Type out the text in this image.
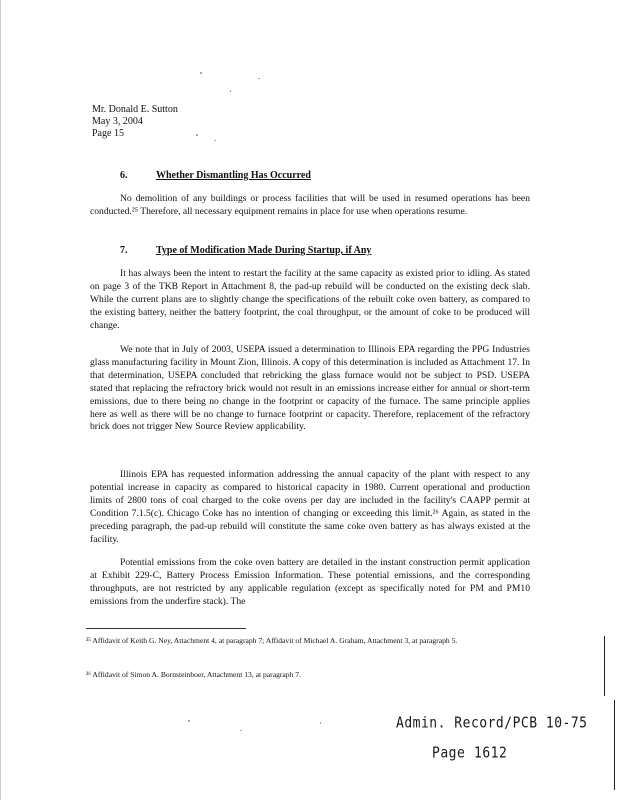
Mr. Donald E. Sutton
May 3, 2004
Page 15
6.	Whether Dismantling Has Occurred
No demolition of any buildings or process facilities that will be used in resumed operations has been conducted.²⁵ Therefore, all necessary equipment remains in place for use when operations resume.
7.	Type of Modification Made During Startup, if Any
It has always been the intent to restart the facility at the same capacity as existed prior to idling. As stated on page 3 of the TKB Report in Attachment 8, the pad-up rebuild will be conducted on the existing deck slab. While the current plans are to slightly change the specifications of the rebuilt coke oven battery, as compared to the existing battery, neither the battery footprint, the coal throughput, or the amount of coke to be produced will change.
We note that in July of 2003, USEPA issued a determination to Illinois EPA regarding the PPG Industries glass manufacturing facility in Mount Zion, Illinois. A copy of this determination is included as Attachment 17. In that determination, USEPA concluded that rebricking the glass furnace would not be subject to PSD. USEPA stated that replacing the refractory brick would not result in an emissions increase either for annual or short-term emissions, due to there being no change in the footprint or capacity of the furnace. The same principle applies here as well as there will be no change to furnace footprint or capacity. Therefore, replacement of the refractory brick does not trigger New Source Review applicability.
Illinois EPA has requested information addressing the annual capacity of the plant with respect to any potential increase in capacity as compared to historical capacity in 1980. Current operational and production limits of 2800 tons of coal charged to the coke ovens per day are included in the facility's CAAPP permit at Condition 7.1.5(c). Chicago Coke has no intention of changing or exceeding this limit.²⁶ Again, as stated in the preceding paragraph, the pad-up rebuild will constitute the same coke oven battery as has always existed at the facility.
Potential emissions from the coke oven battery are detailed in the instant construction permit application at Exhibit 229-C, Battery Process Emission Information. These potential emissions, and the corresponding throughputs, are not restricted by any applicable regulation (except as specifically noted for PM and PM10 emissions from the underfire stack). The
²⁵ Affidavit of Keith G. Ney, Attachment 4, at paragraph 7; Affidavit of Michael A. Graham, Attachment 3, at paragraph 5.
²⁶ Affidavit of Simon A. Bornsteinboer, Attachment 13, at paragraph 7.
Admin. Record/PCB 10-75
Page 1612
